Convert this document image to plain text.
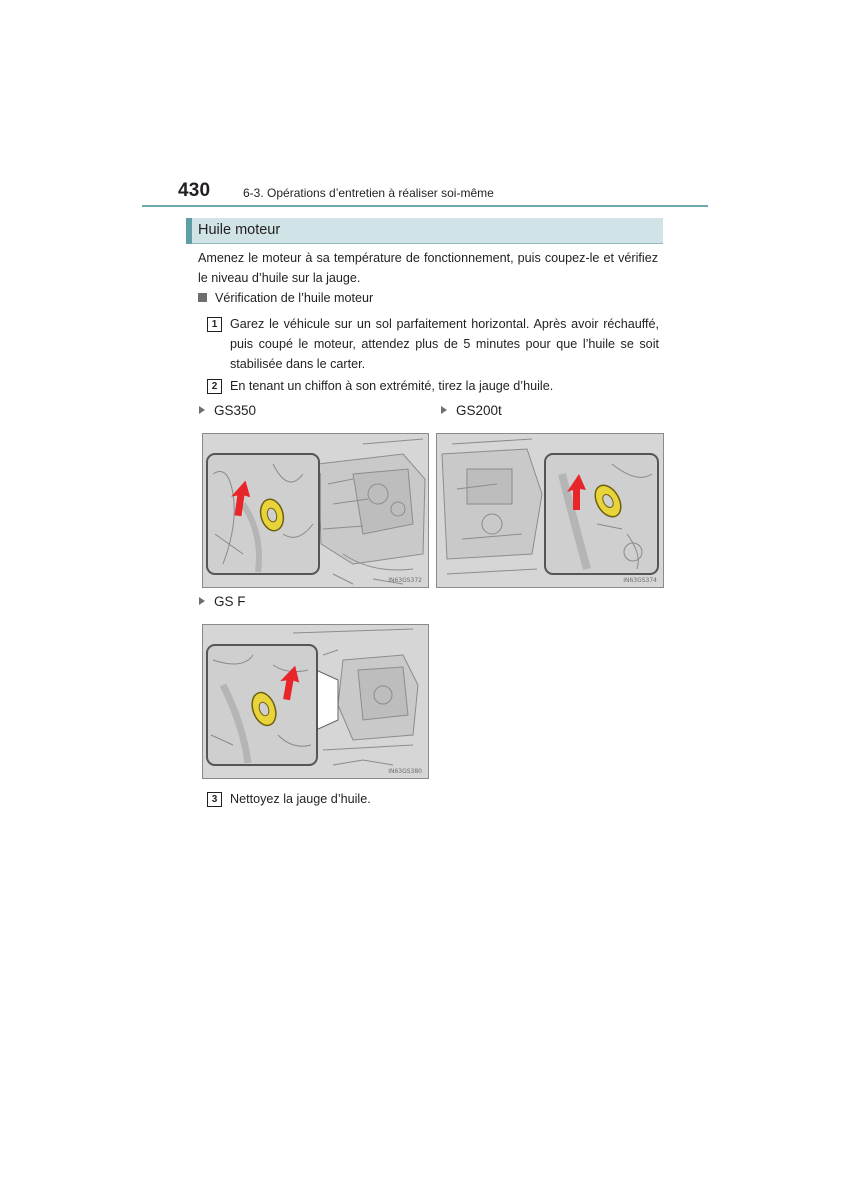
430	6-3. Opérations d’entretien à réaliser soi-même
Huile moteur
Amenez le moteur à sa température de fonctionnement, puis coupez-le et vérifiez le niveau d’huile sur la jauge.
Vérification de l’huile moteur
1	Garez le véhicule sur un sol parfaitement horizontal. Après avoir réchauffé, puis coupé le moteur, attendez plus de 5 minutes pour que l’huile se soit stabilisée dans le carter.
2	En tenant un chiffon à son extrémité, tirez la jauge d’huile.
GS350	GS200t
IN63GS372	IN63GS374
GS F
IN63GS380
3	Nettoyez la jauge d’huile.
